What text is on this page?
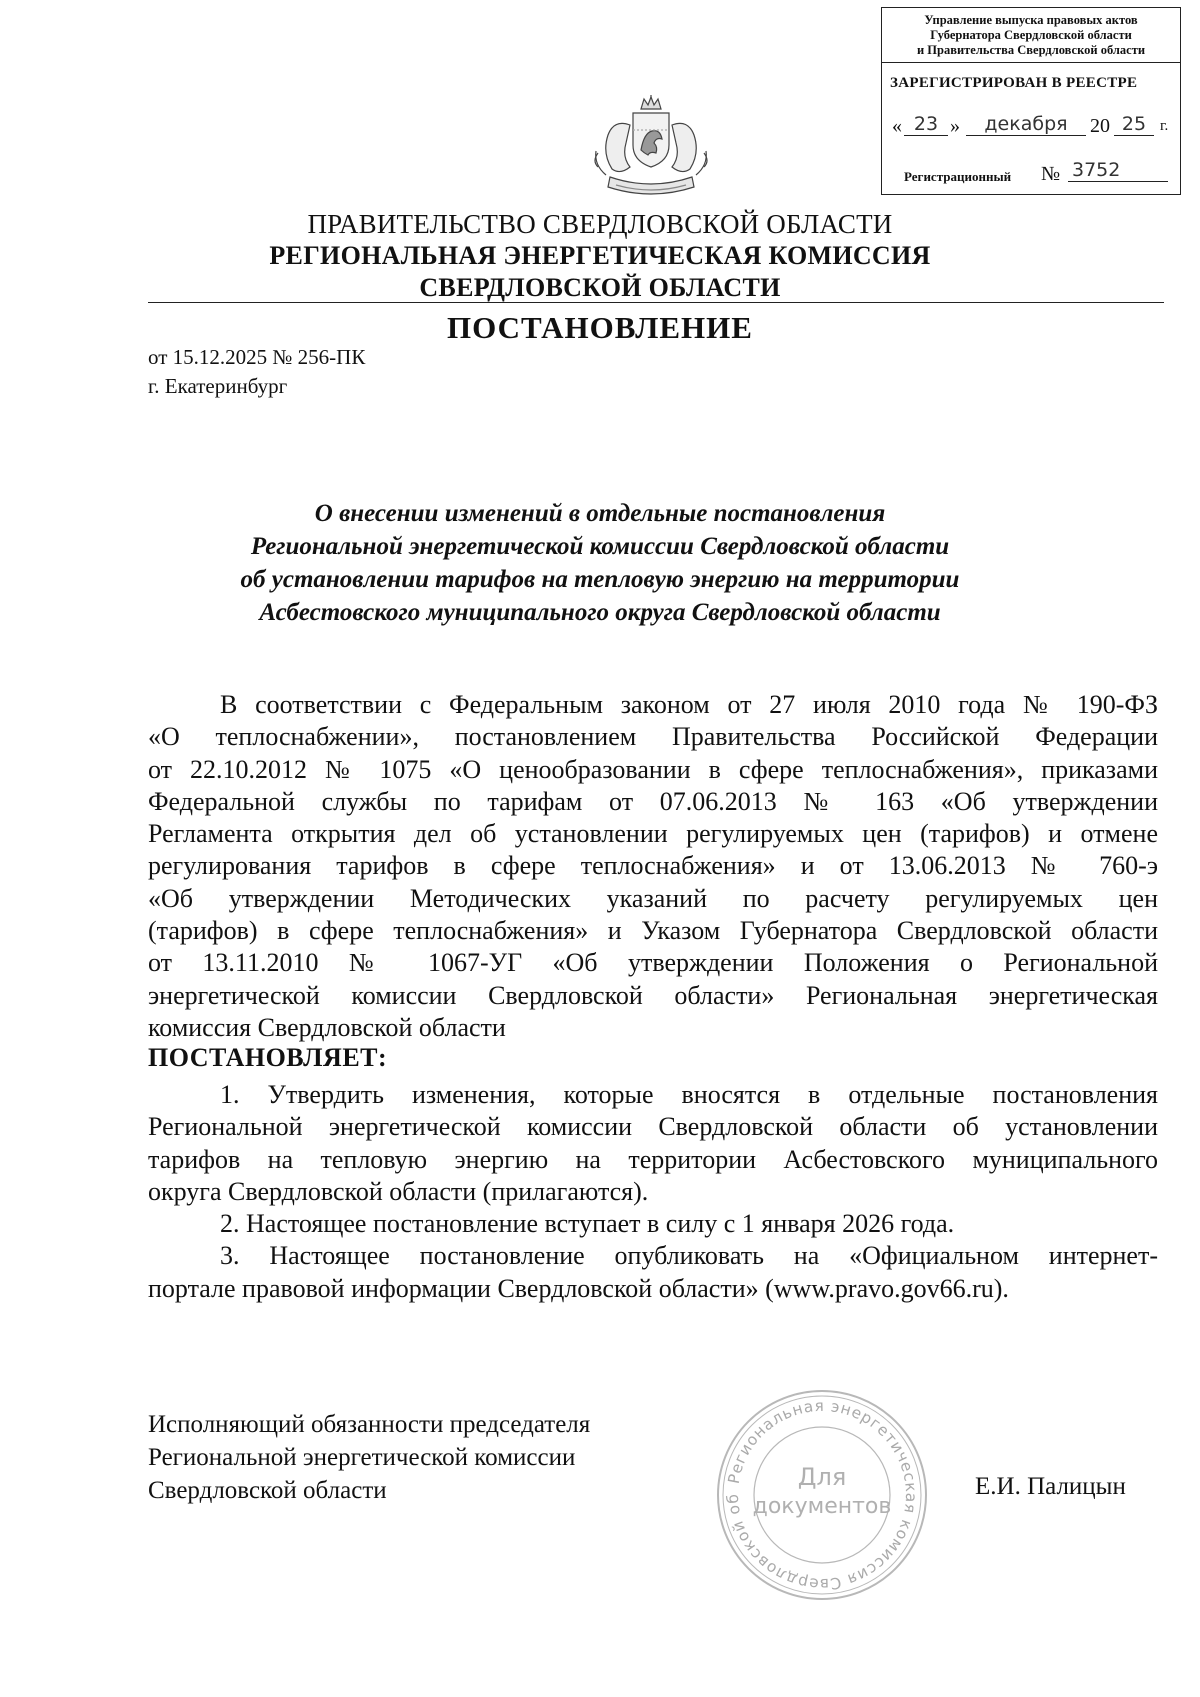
Управление выпуска правовых актов
Губернатора Свердловской области
и Правительства Свердловской области
ЗАРЕГИСТРИРОВАН В РЕЕСТРЕ
« 23 »	декабря	20 25 г.
Регистрационный № 3752
ПРАВИТЕЛЬСТВО СВЕРДЛОВСКОЙ ОБЛАСТИ
РЕГИОНАЛЬНАЯ ЭНЕРГЕТИЧЕСКАЯ КОМИССИЯ
СВЕРДЛОВСКОЙ ОБЛАСТИ
ПОСТАНОВЛЕНИЕ
от 15.12.2025 № 256-ПК
г. Екатеринбург
О внесении изменений в отдельные постановления
Региональной энергетической комиссии Свердловской области
об установлении тарифов на тепловую энергию на территории
Асбестовского муниципального округа Свердловской области
В соответствии с Федеральным законом от 27 июля 2010 года № 190-ФЗ
«О теплоснабжении», постановлением Правительства Российской Федерации
от 22.10.2012 № 1075 «О ценообразовании в сфере теплоснабжения», приказами
Федеральной службы по тарифам от 07.06.2013 № 163 «Об утверждении
Регламента открытия дел об установлении регулируемых цен (тарифов) и отмене
регулирования тарифов в сфере теплоснабжения» и от 13.06.2013 № 760-э
«Об утверждении Методических указаний по расчету регулируемых цен
(тарифов) в сфере теплоснабжения» и Указом Губернатора Свердловской области
от 13.11.2010 № 1067-УГ «Об утверждении Положения о Региональной
энергетической комиссии Свердловской области» Региональная энергетическая
комиссия Свердловской области
ПОСТАНОВЛЯЕТ:
1. Утвердить изменения, которые вносятся в отдельные постановления
Региональной энергетической комиссии Свердловской области об установлении
тарифов на тепловую энергию на территории Асбестовского муниципального
округа Свердловской области (прилагаются).
2. Настоящее постановление вступает в силу с 1 января 2026 года.
3. Настоящее постановление опубликовать на «Официальном интернет-
портале правовой информации Свердловской области» (www.pravo.gov66.ru).
Исполняющий обязанности председателя
Региональной энергетической комиссии
Свердловской области	Е.И. Палицын
Региональная энергетическая комиссия Свердловской об
Для
документов
